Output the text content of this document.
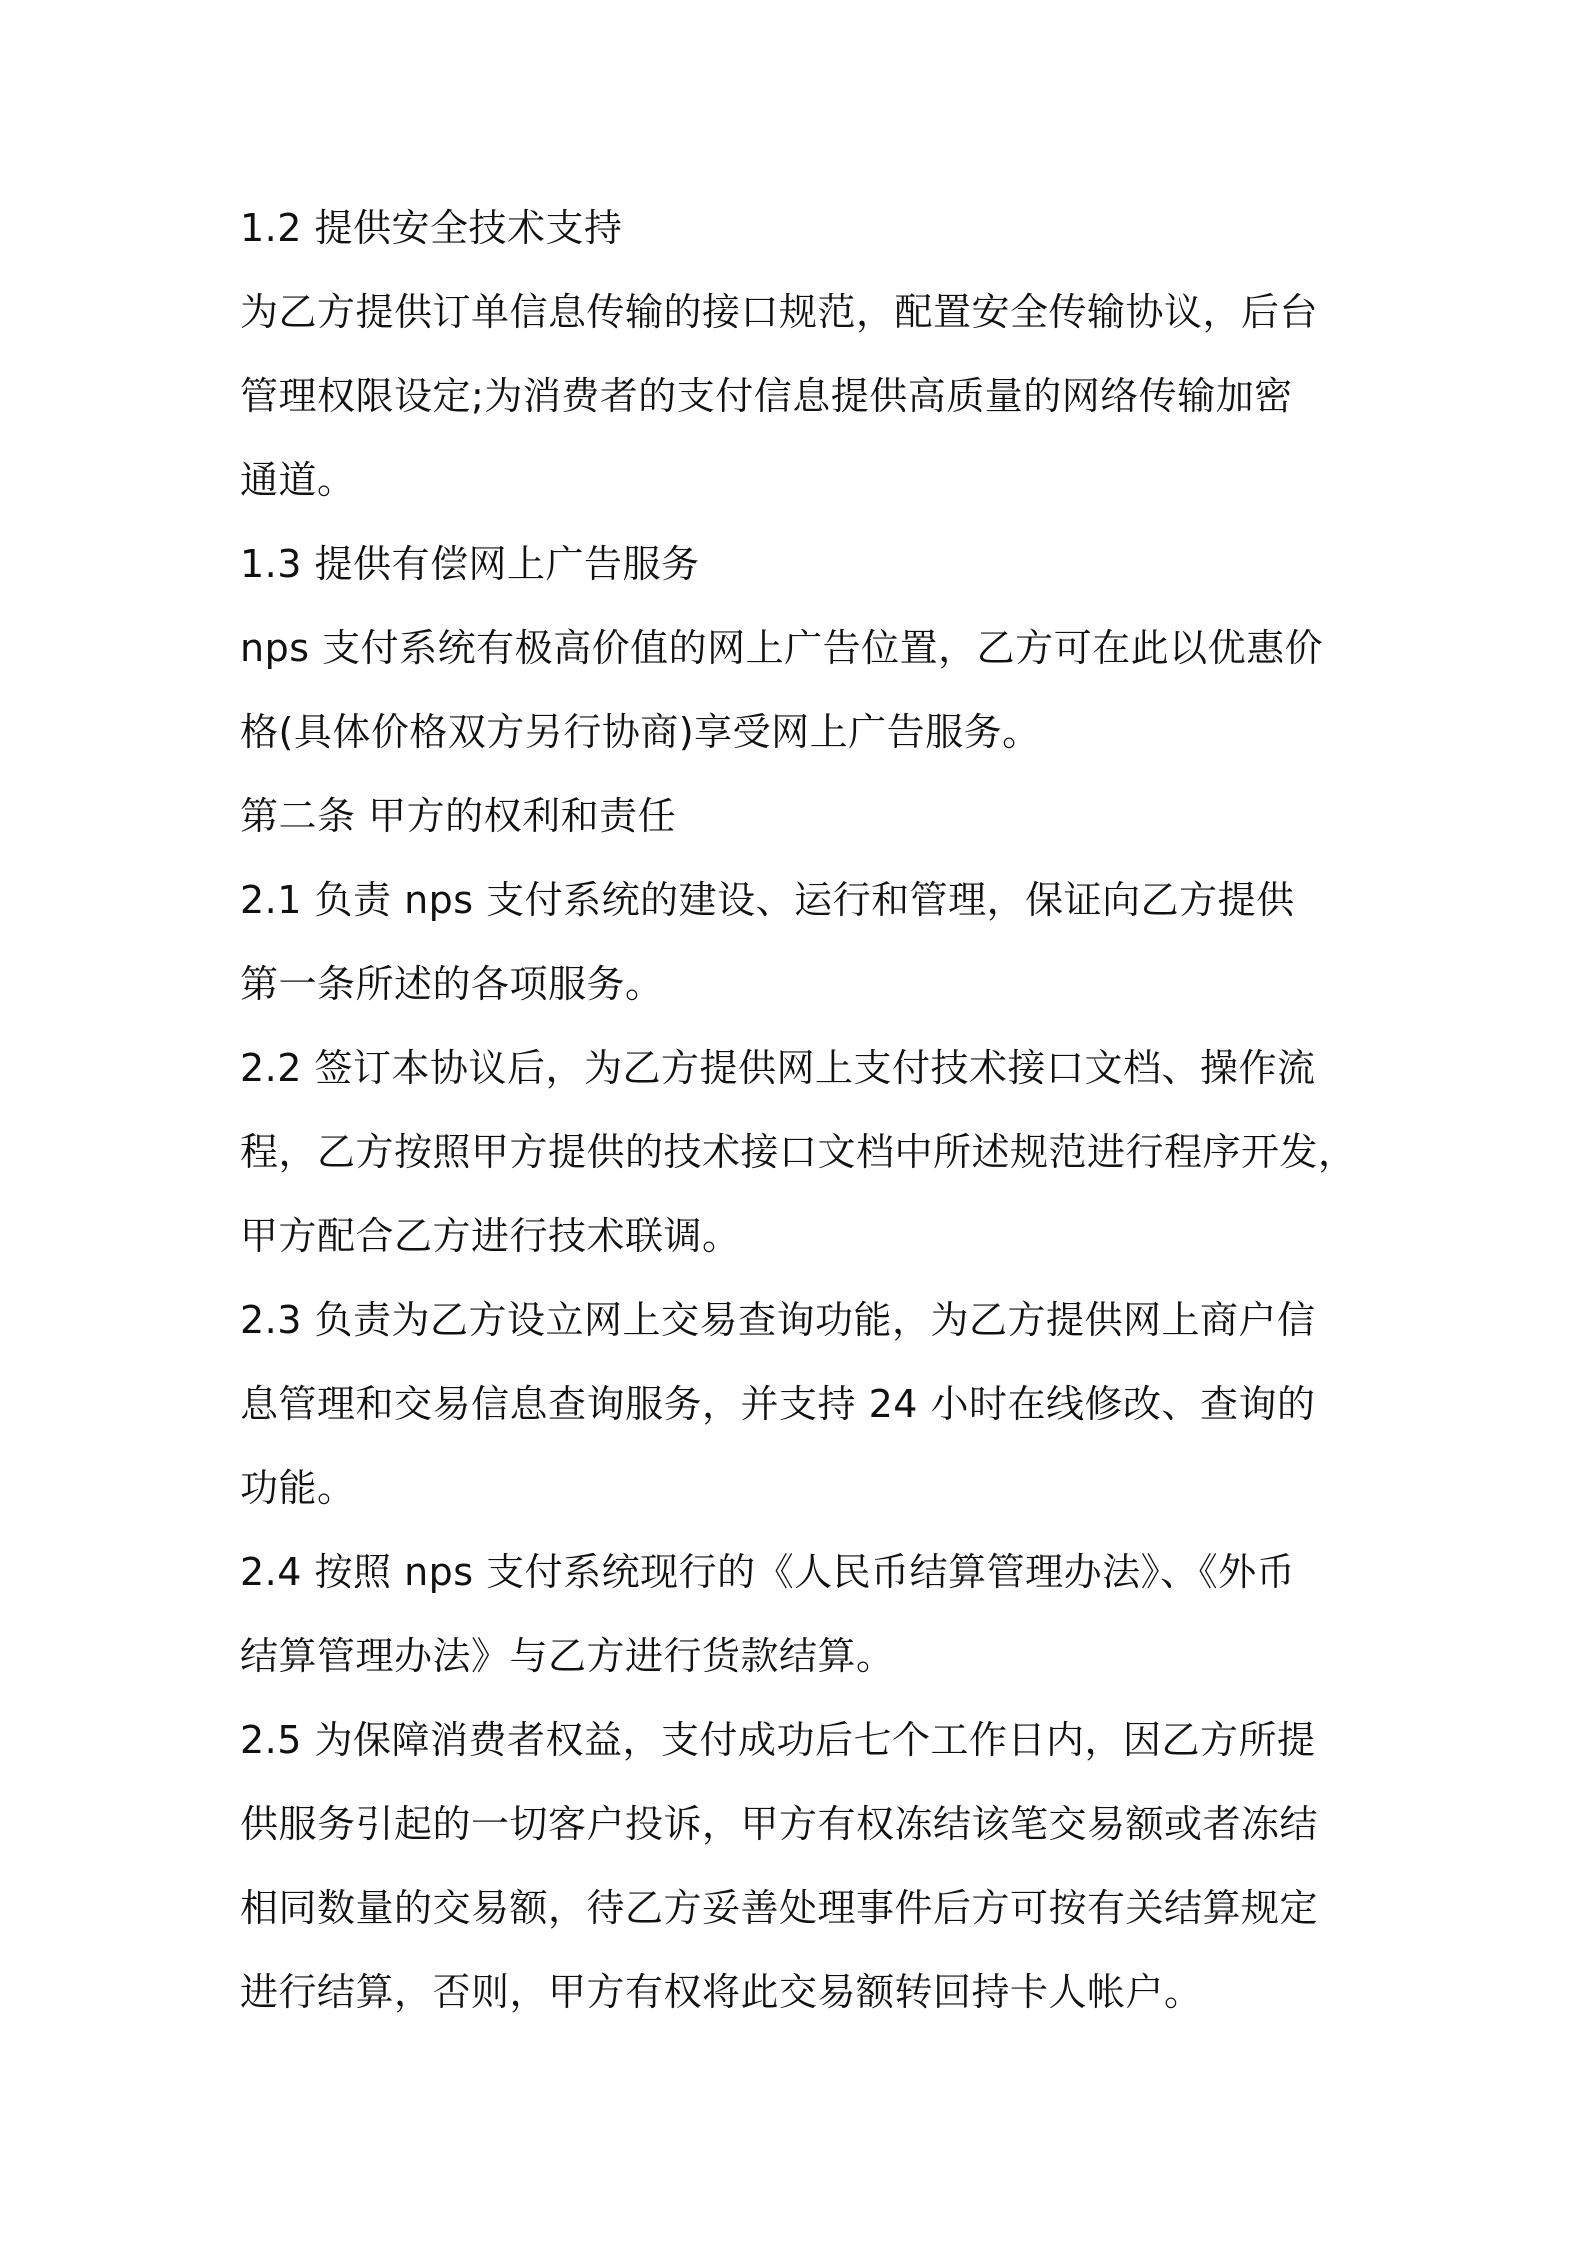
1.2 提供安全技术支持
为乙方提供订单信息传输的接口规范，配置安全传输协议，后台
管理权限设定;为消费者的支付信息提供高质量的网络传输加密
通道。
1.3 提供有偿网上广告服务
nps 支付系统有极高价值的网上广告位置，乙方可在此以优惠价
格(具体价格双方另行协商)享受网上广告服务。
第二条 甲方的权利和责任
2.1 负责 nps 支付系统的建设、运行和管理，保证向乙方提供
第一条所述的各项服务。
2.2 签订本协议后，为乙方提供网上支付技术接口文档、操作流
程，乙方按照甲方提供的技术接口文档中所述规范进行程序开发，
甲方配合乙方进行技术联调。
2.3 负责为乙方设立网上交易查询功能，为乙方提供网上商户信
息管理和交易信息查询服务，并支持 24 小时在线修改、查询的
功能。
2.4 按照 nps 支付系统现行的《人民币结算管理办法》、《外币
结算管理办法》与乙方进行货款结算。
2.5 为保障消费者权益，支付成功后七个工作日内，因乙方所提
供服务引起的一切客户投诉，甲方有权冻结该笔交易额或者冻结
相同数量的交易额，待乙方妥善处理事件后方可按有关结算规定
进行结算，否则，甲方有权将此交易额转回持卡人帐户。
